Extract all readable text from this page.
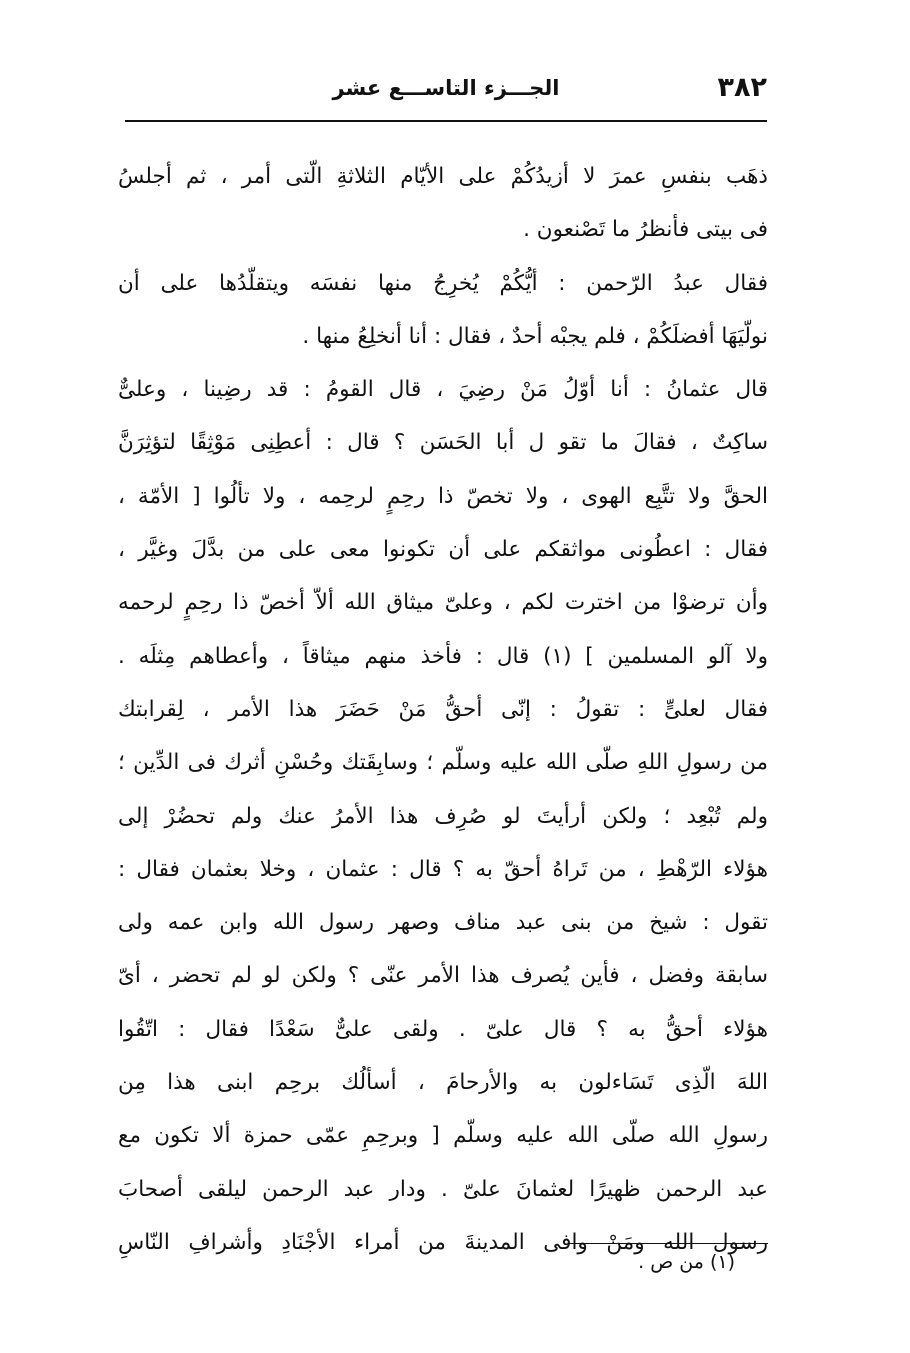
٣٨٢
الجـــزء التاســـع عشر
ذهَب بنفسِ عمرَ لا أزيدُكُمْ على الأيّام الثلاثةِ الّتى أمر ، ثم أجلسُ
فى بيتى فأنظرُ ما تَصْنعون .
فقال عبدُ الرّحمن : أيُّكُمْ يُخرِجُ منها نفسَه ويتقلّدُها على أن
نولّيَهَا أفضلَكُمْ ، فلم يجبْه أحدٌ ، فقال : أنا أنخلِعُ منها .
قال عثمانُ : أنا أوّلُ مَنْ رضِيَ ، قال القومُ : قد رضِينا ، وعلىٌّ
ساكِتٌ ، فقالَ ما تقو ل أبا الحَسَن ؟ قال : أعطِنِى مَوْثِقًا لتؤثِرَنَّ
الحقَّ ولا تتَّبِع الهوى ، ولا تخصّ ذا رحِمٍ لرحِمه ، ولا تألُوا [ الأمّة ،
فقال : اعطُونى مواثقكم على أن تكونوا معى على من بدَّلَ وغيَّر ،
وأن ترضوْا من اخترت لكم ، وعلىّ ميثاق الله ألاّ أخصّ ذا رحِمٍ لرحمه
ولا آلو المسلمين ] (١) قال : فأخذ منهم ميثاقاً ، وأعطاهم مِثلَه .
فقال لعلىٍّ : تقولُ : إنّى أحقُّ مَنْ حَضَرَ هذا الأمر ، لِقرابتك
من رسولِ اللهِ صلّى الله عليه وسلّم ؛ وسابِقَتك وحُسْنِ أثرك فى الدِّين ؛
ولم تُبْعِد ؛ ولكن أرأيتَ لو صُرِف هذا الأمرُ عنك ولم تحضُرْ إلى
هؤلاء الرّهْطِ ، من تَراهُ أحقّ به ؟ قال : عثمان ، وخلا بعثمان فقال :
تقول : شيخ من بنى عبد مناف وصهر رسول الله وابن عمه ولى
سابقة وفضل ، فأين يُصرف هذا الأمر عنّى ؟ ولكن لو لم تحضر ، أىّ
هؤلاء أحقُّ به ؟ قال علىّ . ولقى علىٌّ سَعْدًا فقال : اتّقُوا
اللهَ الّذِى تَسَاءلون به والأرحامَ ، أسألُك برحِم ابنى هذا مِن
رسولِ الله صلّى الله عليه وسلّم [ وبرحِمِ عمّى حمزة ألا تكون مع
عبد الرحمن ظهيرًا لعثمانَ علىّ . ودار عبد الرحمن ليلقى أصحابَ
رسول الله ومَنْ وافى المدينةَ من أمراء الأجْنَادِ وأشرافِ النّاسِ
(١) من ص .
